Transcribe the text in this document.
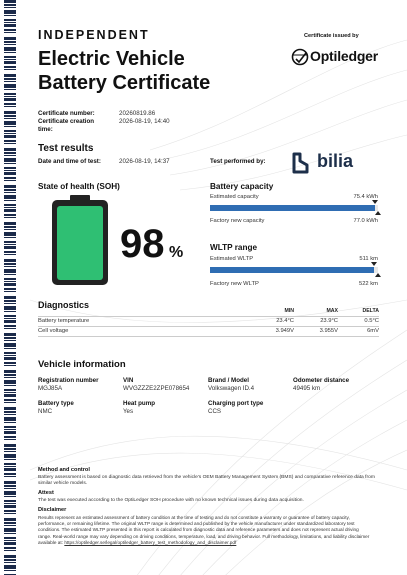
INDEPENDENT
Electric Vehicle
Battery Certificate
Certificate issued by
Optiledger
Certificate number:	20260819.86
Certificate creation time:
2026-08-19, 14:40
Test results
Date and time of test:	2026-08-19, 14:37	Test performed by:	bilia
State of health (SOH)
98 %
Battery capacity
Estimated capacity	75.4 kWh
Factory new capacity	77.0 kWh
WLTP range
Estimated WLTP	511 km
Factory new WLTP	522 km
Diagnostics
	MIN	MAX	DELTA
Battery temperature	23.4°C	23.9°C	0.5°C
Cell voltage	3.949V	3.955V	6mV
Vehicle information
Registration number
MGJ85A
VIN
WVGZZZE2ZPE078654
Brand / Model
Volkswagen ID.4
Odometer distance
49495 km
Battery type
NMC
Heat pump
Yes
Charging port type
CCS
Method and control
Battery assessment is based on diagnostic data retrieved from the vehicle's OEM Battery Management System (BMS) and comparative reference data from similar vehicle models.
Attest
The test was executed according to the OptiLedger SOH procedure with no known technical issues during data acquisition.
Disclaimer
Results represent an estimated assessment of battery condition at the time of testing and do not constitute a warranty or guarantee of battery capacity,
performance, or remaining lifetime. The original WLTP range is determined and published by the vehicle manufacturer under standardized laboratory test
conditions. The estimated WLTP presented in this report is calculated from diagnostic data and reference parameters and does not represent actual driving
range. Real-world range may vary depending on driving conditions, temperature, load, and driving behavior. Full methodology, limitations, and liability disclaimer
available at: https://optiledger.se/legal/optiledger_battery_test_methodology_and_disclaimer.pdf
